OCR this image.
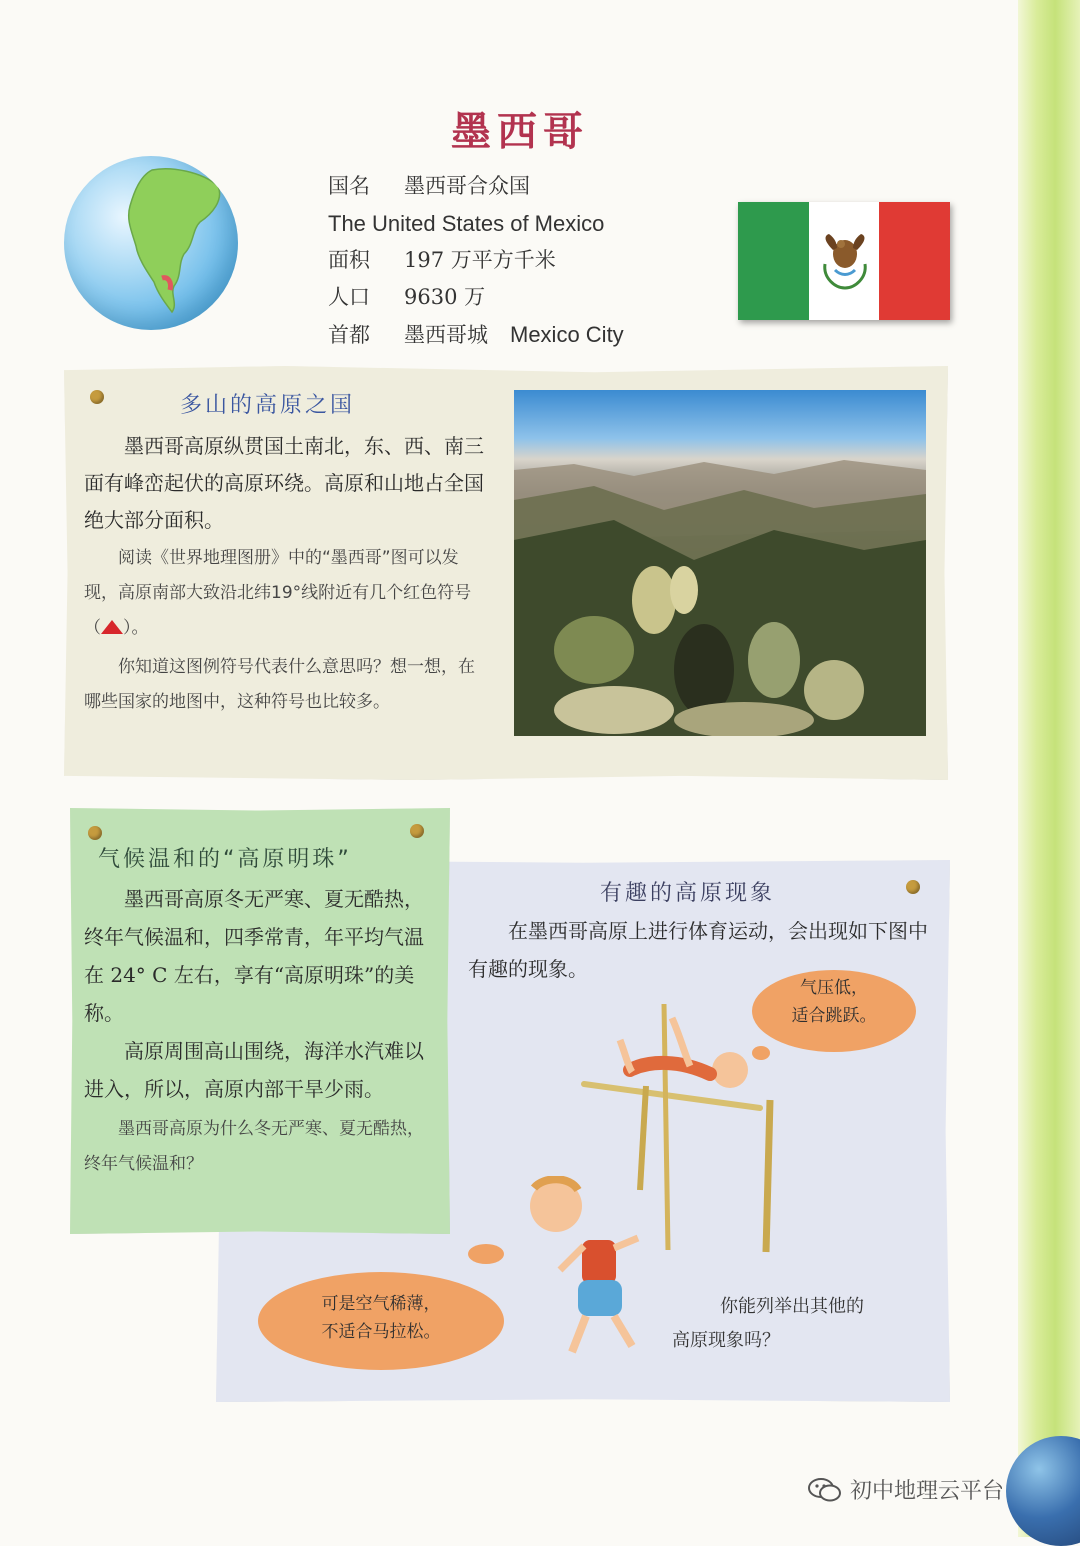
墨西哥
国名 墨西哥合众国
The United States of Mexico
面积 197 万平方千米
人口 9630 万
首都 墨西哥城 Mexico City
多山的高原之国
墨西哥高原纵贯国土南北，东、西、南三面有峰峦起伏的高原环绕。高原和山地占全国绝大部分面积。
阅读《世界地理图册》中的“墨西哥”图可以发现，高原南部大致沿北纬19°线附近有几个红色符号（ ）。
你知道这图例符号代表什么意思吗？想一想，在哪些国家的地图中，这种符号也比较多。
气候温和的“高原明珠”
墨西哥高原冬无严寒、夏无酷热，终年气候温和，四季常青，年平均气温在 24° C 左右，享有“高原明珠”的美称。
高原周围高山围绕，海洋水汽难以进入，所以，高原内部干旱少雨。
墨西哥高原为什么冬无严寒、夏无酷热，终年气候温和？
有趣的高原现象
在墨西哥高原上进行体育运动，会出现如下图中有趣的现象。
气压低，
适合跳跃。
可是空气稀薄，
不适合马拉松。
你能列举出其他的
高原现象吗？
初中地理云平台
